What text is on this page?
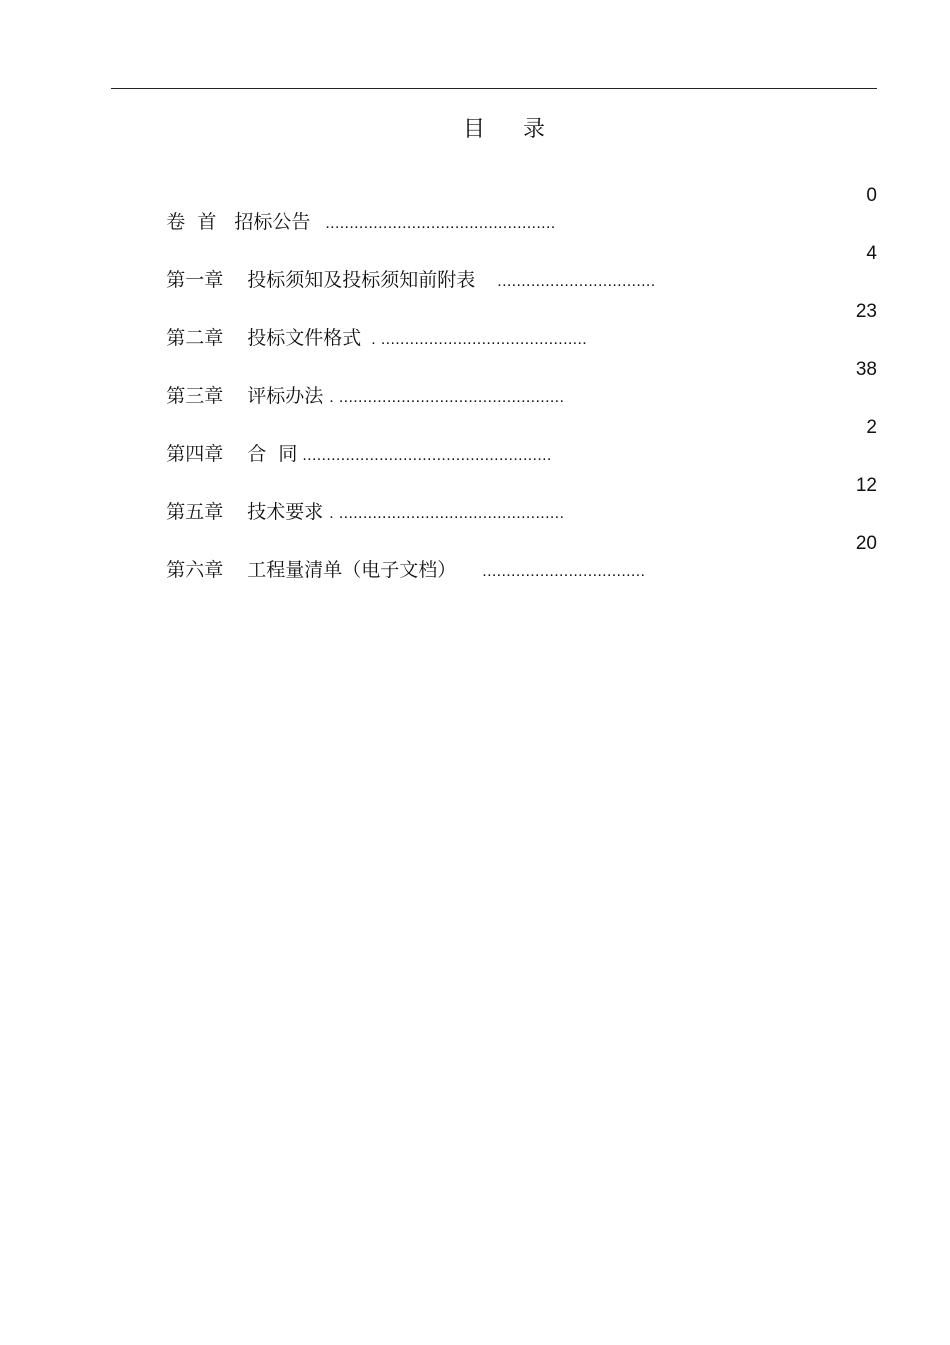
目    录

卷  首 招标公告 ................................................

0

第一章 投标须知及投标须知前附表 .................................

4

第二章 投标文件格式 . ...........................................

23

第三章 评标办法 . ...............................................

38

第四章 合  同 ....................................................

2

第五章 技术要求 . ...............................................

12

第六章 工程量清单（电子文档） ..................................

20
